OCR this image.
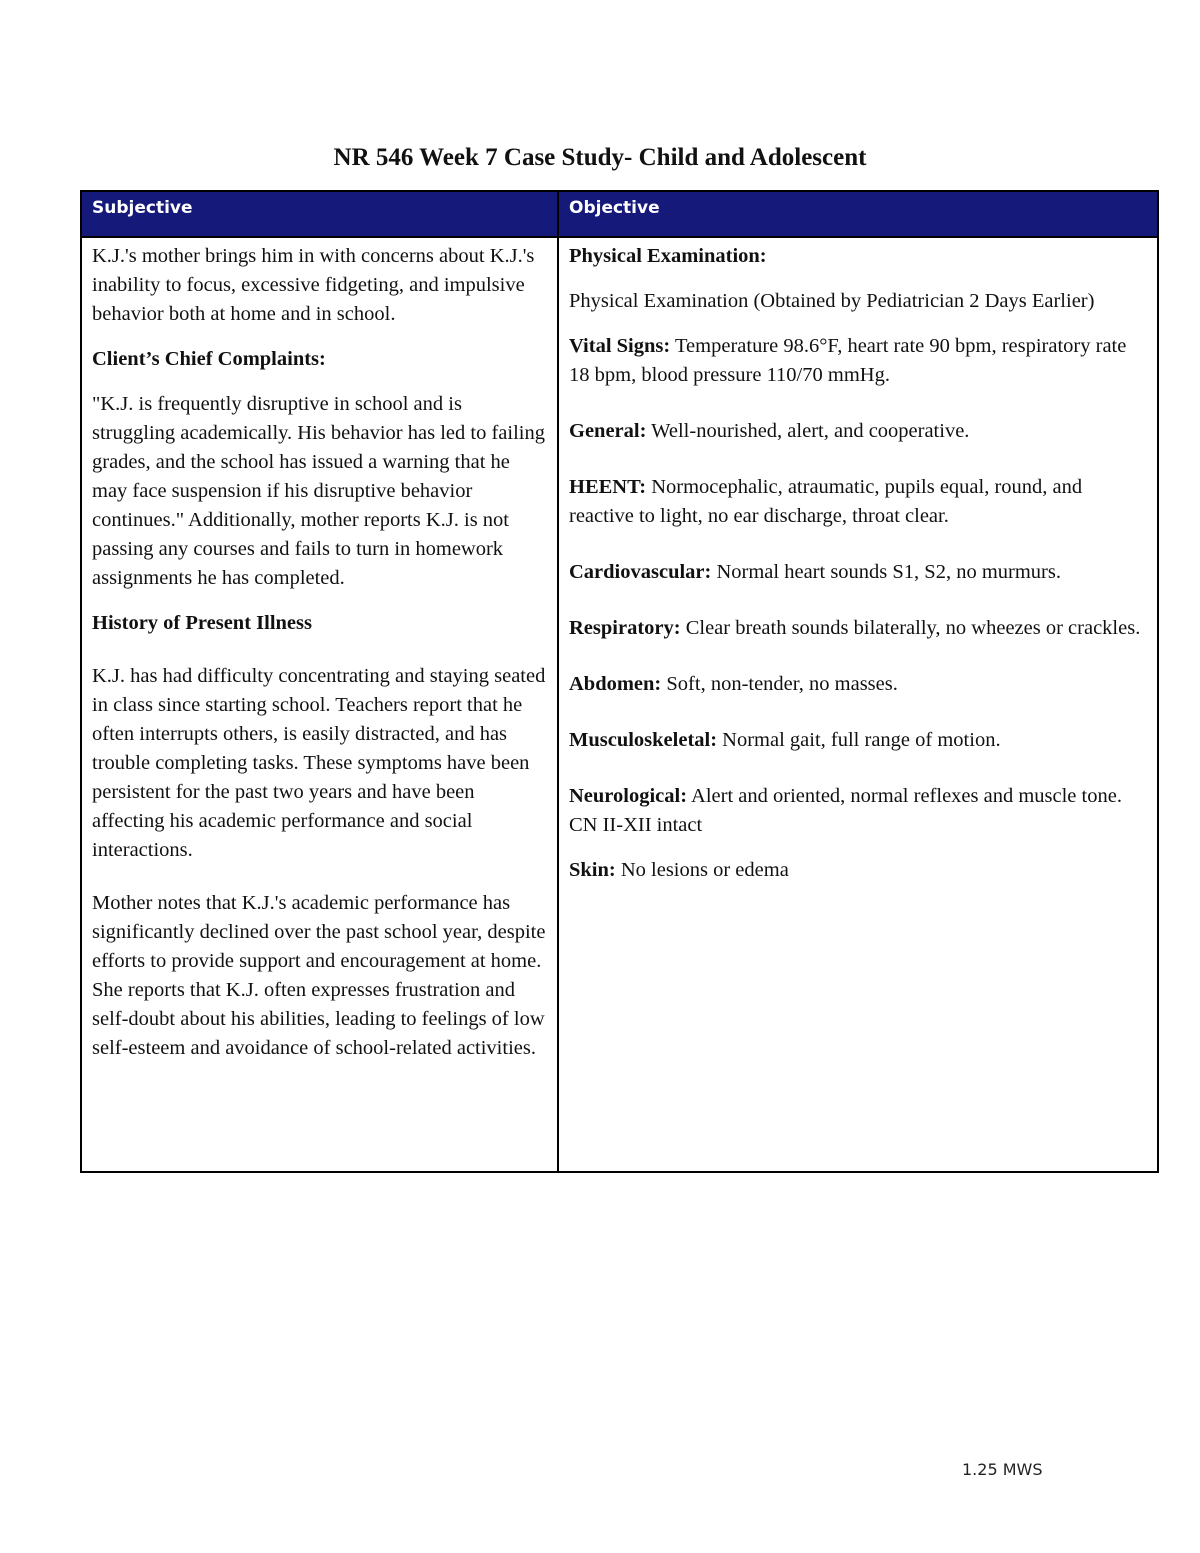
NR 546 Week 7 Case Study- Child and Adolescent
Subjective	Objective

K.J.'s mother brings him in with concerns about K.J.'s inability to focus, excessive fidgeting, and impulsive behavior both at home and in school.

Client’s Chief Complaints:

"K.J. is frequently disruptive in school and is struggling academically. His behavior has led to failing grades, and the school has issued a warning that he may face suspension if his disruptive behavior continues." Additionally, mother reports K.J. is not passing any courses and fails to turn in homework assignments he has completed.

History of Present Illness

K.J. has had difficulty concentrating and staying seated in class since starting school. Teachers report that he often interrupts others, is easily distracted, and has trouble completing tasks. These symptoms have been persistent for the past two years and have been affecting his academic performance and social interactions.

Mother notes that K.J.'s academic performance has significantly declined over the past school year, despite efforts to provide support and encouragement at home. She reports that K.J. often expresses frustration and self-doubt about his abilities, leading to feelings of low self-esteem and avoidance of school-related activities.

Physical Examination:

Physical Examination (Obtained by Pediatrician 2 Days Earlier)

Vital Signs: Temperature 98.6°F, heart rate 90 bpm, respiratory rate 18 bpm, blood pressure 110/70 mmHg.

General: Well-nourished, alert, and cooperative.

HEENT: Normocephalic, atraumatic, pupils equal, round, and reactive to light, no ear discharge, throat clear.

Cardiovascular: Normal heart sounds S1, S2, no murmurs.

Respiratory: Clear breath sounds bilaterally, no wheezes or crackles.

Abdomen: Soft, non-tender, no masses.

Musculoskeletal: Normal gait, full range of motion.

Neurological: Alert and oriented, normal reflexes and muscle tone. CN II-XII intact

Skin: No lesions or edema

1.25 MWS
